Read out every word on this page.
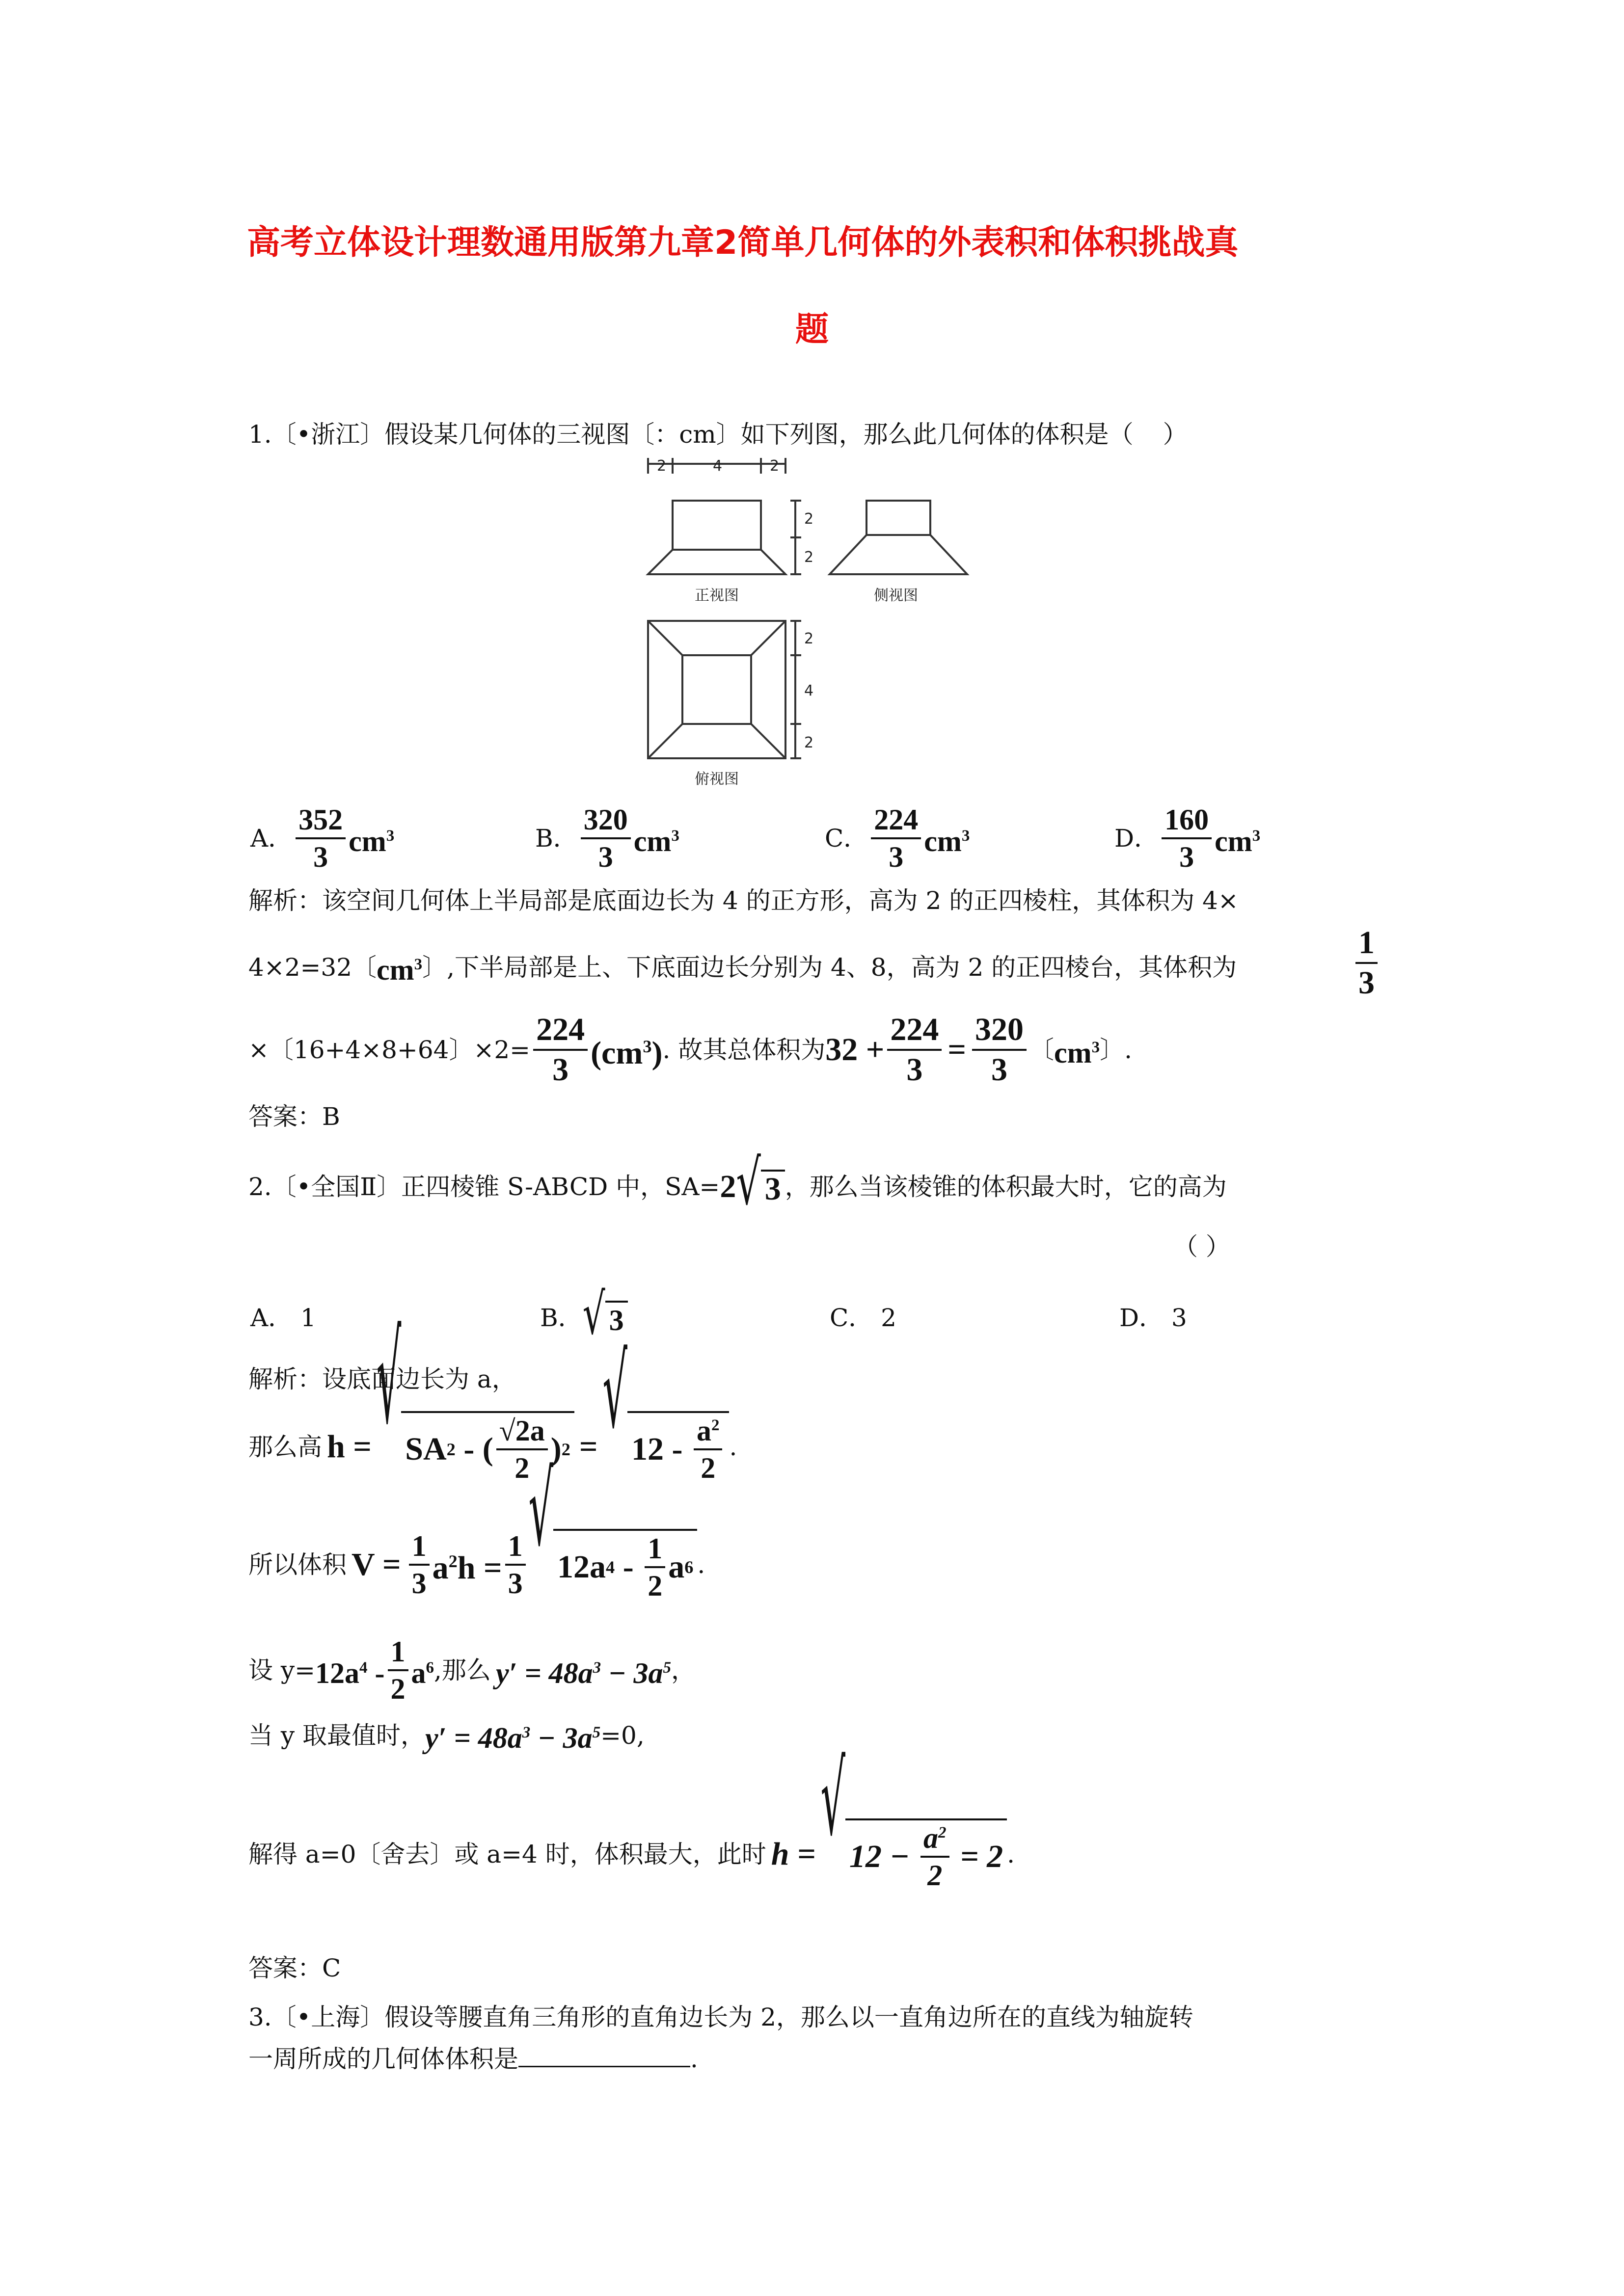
高考立体设计理数通用版第九章2简单几何体的外表积和体积挑战真
题
1.〔•浙江〕假设某几何体的三视图〔：cm〕如下列图，那么此几何体的体积是（ ）
2	4	2
2
2
2
4
2
正视图	侧视图
俯视图
A． $\frac{352}{3} cm^3$	B． $\frac{320}{3} cm^3$	C． $\frac{224}{3} cm^3$	D． $\frac{160}{3} cm^3$
解析：该空间几何体上半局部是底面边长为 4 的正方形，高为 2 的正四棱柱，其体积为 4×
4×2=32〔 $cm^3$ 〕,下半局部是上、下底面边长分别为 4、8，高为 2 的正四棱台，其体积为	$\frac{1}{3}$
×〔16+4×8+64〕$\times 2= \frac{224}{3} (cm^3)$ . 故其总体积为 $32 + \frac{224}{3} = \frac{320}{3}$ 〔 $cm^3$ 〕.
答案：B
2.〔•全国Ⅱ〕正四棱锥 S-ABCD 中，SA= 2 √ 3 ，那么当该棱锥的体积最大时，它的高为
（ ）
A． 1	B． √ 3	C． 2	D． 3
解析：设底面边长为 a，
那么高 h = √ SA 2 - ( $\frac{√2a}{2}$ ) 2 = √ $12 - \frac{a^2}{2}$ .
所以体积 $V = \frac{1}{3} a^2h = \frac{1}{3}$ √ 12a $4 - \frac{1}{2}$ a 6 .
设 $y= 12a^4 - \frac{1}{2} a^6$ ,那么 $y' = 48a^3 - 3a^5$ ，
当 y 取最值时， $y' = 48a^3 - 3a^5 =0$,
解得 a=0〔舍去〕或 a=4 时，体积最大，此时 h = √ $12 - \frac{a^2}{2} = 2$ .
答案：C
3.〔•上海〕假设等腰直角三角形的直角边长为 2，那么以一直角边所在的直线为轴旋转
一周所成的几何体体积是	.
